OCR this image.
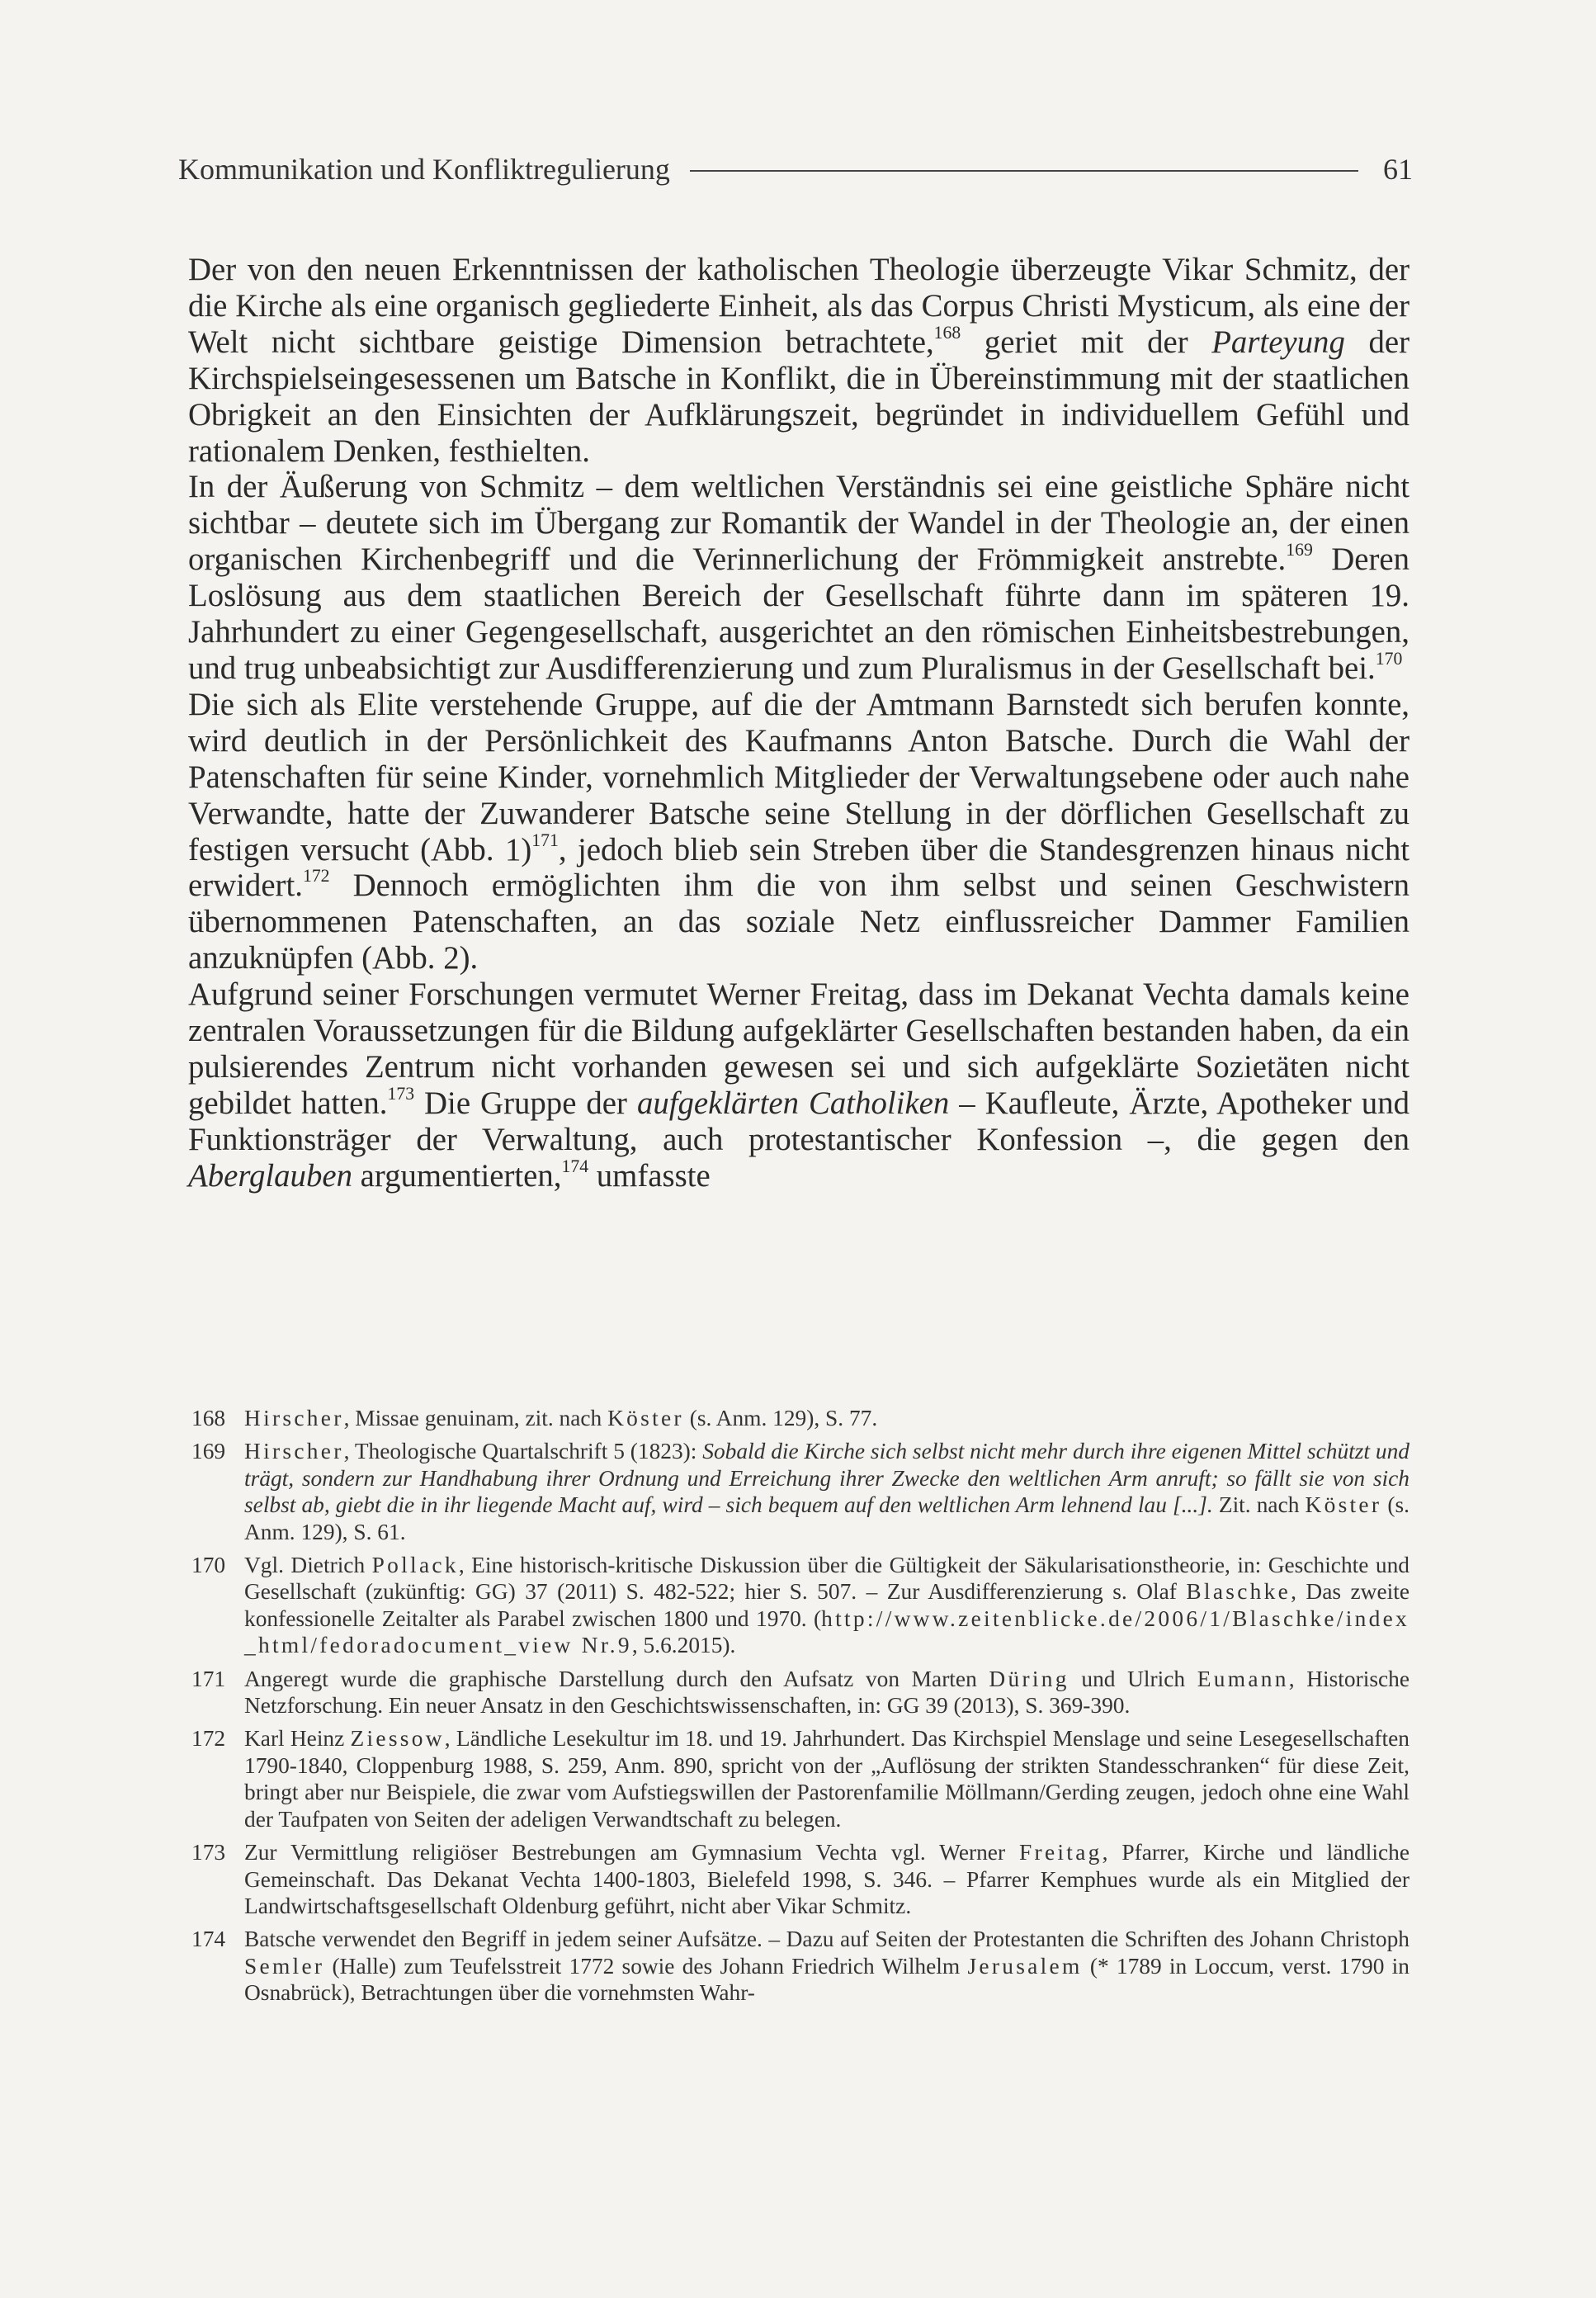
Kommunikation und Konfliktregulierung	61

Der von den neuen Erkenntnissen der katholischen Theologie überzeugte Vikar Schmitz, der die Kirche als eine organisch gegliederte Einheit, als das Corpus Christi Mysticum, als eine der Welt nicht sichtbare geistige Dimension betrachtete,$^{168}$ geriet mit der Parteyung der Kirchspielseingesessenen um Batsche in Konflikt, die in Übereinstimmung mit der staatlichen Obrigkeit an den Einsichten der Aufklärungszeit, begründet in individuellem Gefühl und rationalem Denken, festhielten.

In der Äußerung von Schmitz – dem weltlichen Verständnis sei eine geistliche Sphäre nicht sichtbar – deutete sich im Übergang zur Romantik der Wandel in der Theologie an, der einen organischen Kirchenbegriff und die Verinnerlichung der Frömmigkeit anstrebte.$^{169}$ Deren Loslösung aus dem staatlichen Bereich der Gesellschaft führte dann im späteren 19. Jahrhundert zu einer Gegengesellschaft, ausgerichtet an den römischen Einheitsbestrebungen, und trug unbeabsichtigt zur Ausdifferenzierung und zum Pluralismus in der Gesellschaft bei.$^{170}$

Die sich als Elite verstehende Gruppe, auf die der Amtmann Barnstedt sich berufen konnte, wird deutlich in der Persönlichkeit des Kaufmanns Anton Batsche. Durch die Wahl der Patenschaften für seine Kinder, vornehmlich Mitglieder der Verwaltungsebene oder auch nahe Verwandte, hatte der Zuwanderer Batsche seine Stellung in der dörflichen Gesellschaft zu festigen versucht (Abb. 1)$^{171}$, jedoch blieb sein Streben über die Standesgrenzen hinaus nicht erwidert.$^{172}$ Dennoch ermöglichten ihm die von ihm selbst und seinen Geschwistern übernommenen Patenschaften, an das soziale Netz einflussreicher Dammer Familien anzuknüpfen (Abb. 2).

Aufgrund seiner Forschungen vermutet Werner Freitag, dass im Dekanat Vechta damals keine zentralen Voraussetzungen für die Bildung aufgeklärter Gesellschaften bestanden haben, da ein pulsierendes Zentrum nicht vorhanden gewesen sei und sich aufgeklärte Sozietäten nicht gebildet hatten.$^{173}$ Die Gruppe der aufgeklärten Catholiken – Kaufleute, Ärzte, Apotheker und Funktionsträger der Verwaltung, auch protestantischer Konfession –, die gegen den Aberglauben argumentierten,$^{174}$ umfasste

168 Hirscher, Missae genuinam, zit. nach Köster (s. Anm. 129), S. 77.
169 Hirscher, Theologische Quartalschrift 5 (1823): Sobald die Kirche sich selbst nicht mehr durch ihre eigenen Mittel schützt und trägt, sondern zur Handhabung ihrer Ordnung und Erreichung ihrer Zwecke den weltlichen Arm anruft; so fällt sie von sich selbst ab, giebt die in ihr liegende Macht auf, wird – sich bequem auf den weltlichen Arm lehnend lau [...]. Zit. nach Köster (s. Anm. 129), S. 61.
170 Vgl. Dietrich Pollack, Eine historisch-kritische Diskussion über die Gültigkeit der Säkularisationstheorie, in: Geschichte und Gesellschaft (zukünftig: GG) 37 (2011) S. 482-522; hier S. 507. – Zur Ausdifferenzierung s. Olaf Blaschke, Das zweite konfessionelle Zeitalter als Parabel zwischen 1800 und 1970. (http://www.zeitenblicke.de/2006/1/Blaschke/index_html/fedoradocument_view Nr.9, 5.6.2015).
171 Angeregt wurde die graphische Darstellung durch den Aufsatz von Marten Düring und Ulrich Eumann, Historische Netzforschung. Ein neuer Ansatz in den Geschichtswissenschaften, in: GG 39 (2013), S. 369-390.
172 Karl Heinz Ziessow, Ländliche Lesekultur im 18. und 19. Jahrhundert. Das Kirchspiel Menslage und seine Lesegesellschaften 1790-1840, Cloppenburg 1988, S. 259, Anm. 890, spricht von der „Auflösung der strikten Standesschranken“ für diese Zeit, bringt aber nur Beispiele, die zwar vom Aufstiegswillen der Pastorenfamilie Möllmann/Gerding zeugen, jedoch ohne eine Wahl der Taufpaten von Seiten der adeligen Verwandtschaft zu belegen.
173 Zur Vermittlung religiöser Bestrebungen am Gymnasium Vechta vgl. Werner Freitag, Pfarrer, Kirche und ländliche Gemeinschaft. Das Dekanat Vechta 1400-1803, Bielefeld 1998, S. 346. – Pfarrer Kemphues wurde als ein Mitglied der Landwirtschaftsgesellschaft Oldenburg geführt, nicht aber Vikar Schmitz.
174 Batsche verwendet den Begriff in jedem seiner Aufsätze. – Dazu auf Seiten der Protestanten die Schriften des Johann Christoph Semler (Halle) zum Teufelsstreit 1772 sowie des Johann Friedrich Wilhelm Jerusalem (* 1789 in Loccum, verst. 1790 in Osnabrück), Betrachtungen über die vornehmsten Wahr-
